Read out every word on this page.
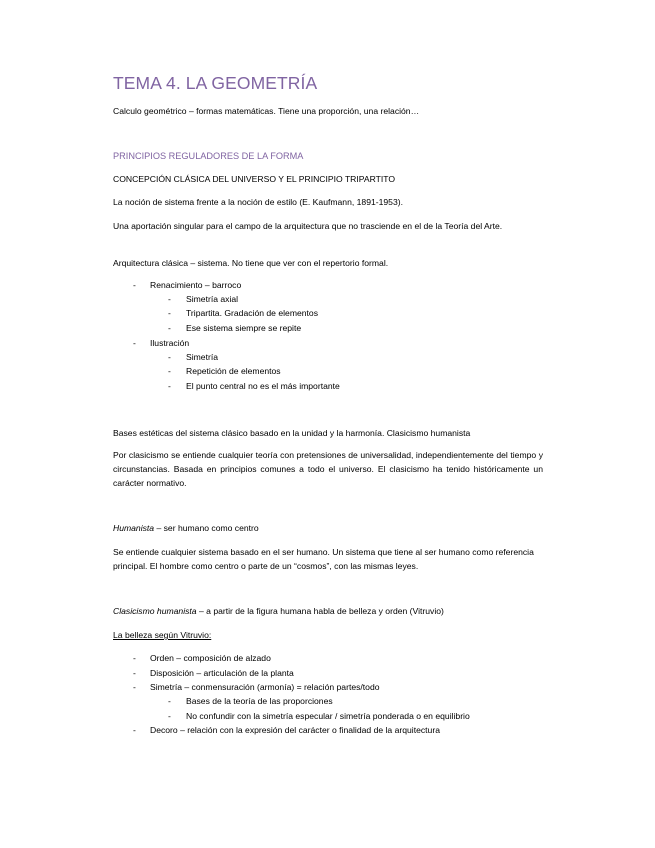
TEMA 4. LA GEOMETRÍA

Calculo geométrico – formas matemáticas. Tiene una proporción, una relación…

PRINCIPIOS REGULADORES DE LA FORMA

CONCEPCIÓN CLÁSICA DEL UNIVERSO Y EL PRINCIPIO TRIPARTITO

La noción de sistema frente a la noción de estilo (E. Kaufmann, 1891-1953).

Una aportación singular para el campo de la arquitectura que no trasciende en el de la Teoría del Arte.

Arquitectura clásica – sistema. No tiene que ver con el repertorio formal.

- Renacimiento – barroco

- Simetría axial

- Tripartita. Gradación de elementos

- Ese sistema siempre se repite

- Ilustración

- Simetría

- Repetición de elementos

- El punto central no es el más importante

Bases estéticas del sistema clásico basado en la unidad y la harmonía. Clasicismo humanista

Por clasicismo se entiende cualquier teoría con pretensiones de universalidad, independientemente del tiempo y circunstancias. Basada en principios comunes a todo el universo. El clasicismo ha tenido históricamente un carácter normativo.

Humanista – ser humano como centro

Se entiende cualquier sistema basado en el ser humano. Un sistema que tiene al ser humano como referencia principal. El hombre como centro o parte de un “cosmos”, con las mismas leyes.

Clasicismo humanista – a partir de la figura humana habla de belleza y orden (Vitruvio)

La belleza según Vitruvio:

- Orden – composición de alzado

- Disposición – articulación de la planta

- Simetría – conmensuración (armonía) = relación partes/todo

- Bases de la teoría de las proporciones

- No confundir con la simetría especular / simetría ponderada o en equilibrio

- Decoro – relación con la expresión del carácter o finalidad de la arquitectura
